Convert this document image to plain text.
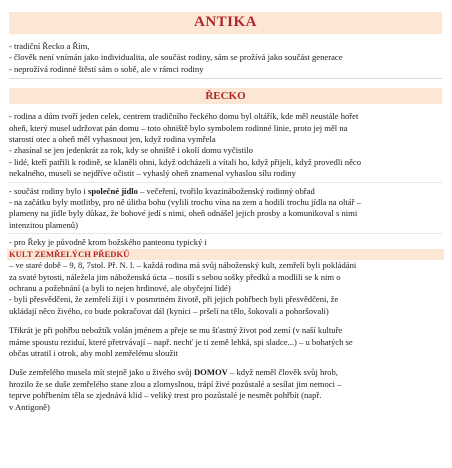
ANTIKA
- tradiční Řecko a Řím,
- člověk není vnímán jako individualita, ale součást rodiny, sám se prožívá jako součást generace
- neprožívá rodinné štěstí sám o sobě, ale v rámci rodiny
ŘECKO
- rodina a dům tvoří jeden celek, centrem tradičního řeckého domu byl oltářík, kde měl neustále hořet
oheň, který musel udržovat pán domu – toto ohniště bylo symbolem rodinné linie, proto jej měl na
starosti otec a oheň měl vyhasnout jen, když rodina vymřela
- zhasínal se jen jedenkrát za rok, kdy se ohniště i okolí domu vyčistilo
- lidé, kteří patřili k rodině, se klaněli ohni, když odcházeli a vítali ho, když přijeli, když provedli něco
nekalného, museli se nejdříve očistit – vyhaslý oheň znamenal vyhaslou sílu rodiny
- součást rodiny bylo i společné jídlo – večeření, tvořilo kvazináboženský rodinný obřad
- na začátku byly motlitby, pro ně úlitba bohu (vylili trochu vína na zem a hodili trochu jídla na oltář –
plameny na jídle byly důkaz, že bohové jedí s nimi, oheň odnášel jejich prosby a komunikoval s nimi
intenzitou plamenů)
- pro Řeky je původně krom božského panteonu typický i
KULT ZEMŘELÝCH PŘEDKŮ
– ve staré době – 9, 8, 7stol. Př. N. l. – každá rodina má svůj náboženský kult, zemřelí byli pokládáni
za svaté bytosti, náležela jim náboženská úcta – nosili s sebou sošky předků a modlili se k nim o
ochranu a požehnání (a byli to nejen hrdinové, ale obyčejní lidé)
- byli přesvědčeni, že zemřelí žijí i v posmrtném životě, při jejich pohřbech byli přesvědčeni, že
ukládají něco živého, co bude pokračovat dál (kynici – pršelí na tělo, šokovali a pohoršovali)
Třikrát je při pohřbu nebožtík volán jménem a přeje se mu šťastný život pod zemí (v naší kultuře
máme spoustu reziduí, které přetrvávají – např. nechť je ti země lehká, spi sladce...) – u bohatých se
občas utratil i otrok, aby mohl zemřelému sloužit
Duše zemřelého musela mít stejně jako u živého svůj DOMOV – když neměl člověk svůj hrob,
hrozilo že se duše zemřelého stane zlou a zlomyslnou, trápí živé pozůstalé a sesílat jim nemoci –
teprve pohřbením těla se zjednává klid – veliký trest pro pozůstalé je nesmět pohřbít (např.
v Antigoně)
